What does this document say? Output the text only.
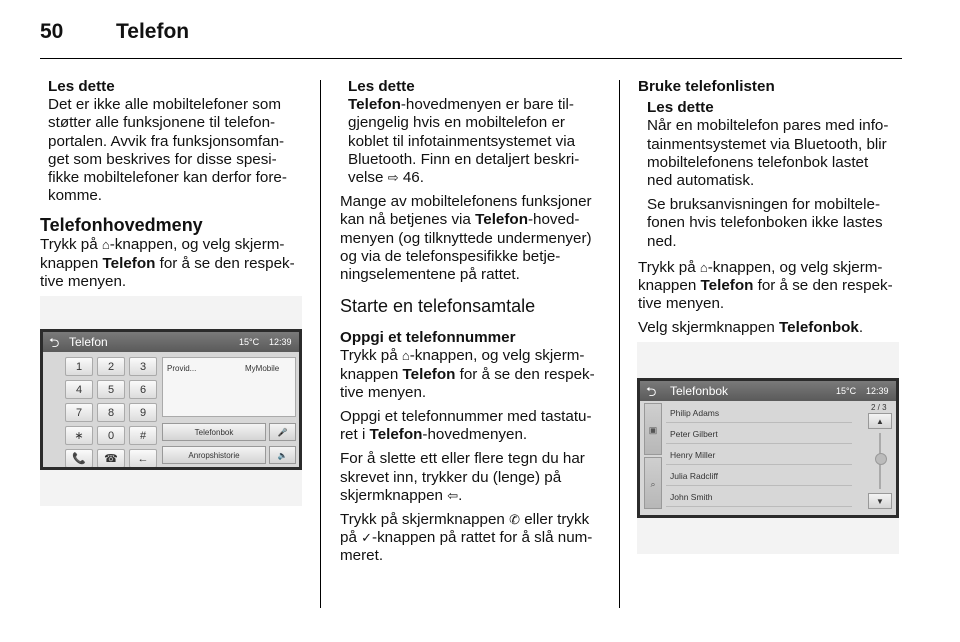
50	Telefon

Les dette

Det er ikke alle mobiltelefoner som

støtter alle funksjonene til telefon-

portalen. Avvik fra funksjonsomfan-

get som beskrives for disse spesi-

fikke mobiltelefoner kan derfor fore-

komme.

Telefonhovedmeny

Trykk på ⌂-knappen, og velg skjerm-

knappen Telefon for å se den respek-

tive menyen.

⮌ Telefon	15°C 12:39
1	2	3
4	5	6
7	8	9
∗	0	#
📞	☎	←
Provid...	MyMobile
Telefonbok	🎤
Anropshistorie	🔈

Les dette

Telefon-hovedmenyen er bare til-

gjengelig hvis en mobiltelefon er

koblet til infotainmentsystemet via

Bluetooth. Finn en detaljert beskri-

velse ⇨ 46.

Mange av mobiltelefonens funksjoner

kan nå betjenes via Telefon-hoved-

menyen (og tilknyttede undermenyer)

og via de telefonspesifikke betje-

ningselementene på rattet.

Starte en telefonsamtale

Oppgi et telefonnummer

Trykk på ⌂-knappen, og velg skjerm-

knappen Telefon for å se den respek-

tive menyen.

Oppgi et telefonnummer med tastatu-

ret i Telefon-hovedmenyen.

For å slette ett eller flere tegn du har

skrevet inn, trykker du (lenge) på

skjermknappen ⇦.

Trykk på skjermknappen ✆ eller trykk

på ✓-knappen på rattet for å slå num-

meret.

Bruke telefonlisten

Les dette

Når en mobiltelefon pares med info-

tainmentsystemet via Bluetooth, blir

mobiltelefonens telefonbok lastet

ned automatisk.

Se bruksanvisningen for mobiltele-

fonen hvis telefonboken ikke lastes

ned.

Trykk på ⌂-knappen, og velg skjerm-

knappen Telefon for å se den respek-

tive menyen.

Velg skjermknappen Telefonbok.

⮌ Telefonbok	15°C 12:39
▣
⌕
Philip Adams
Peter Gilbert
Henry Miller
Julia Radcliff
John Smith
2 / 3
▲
▼
